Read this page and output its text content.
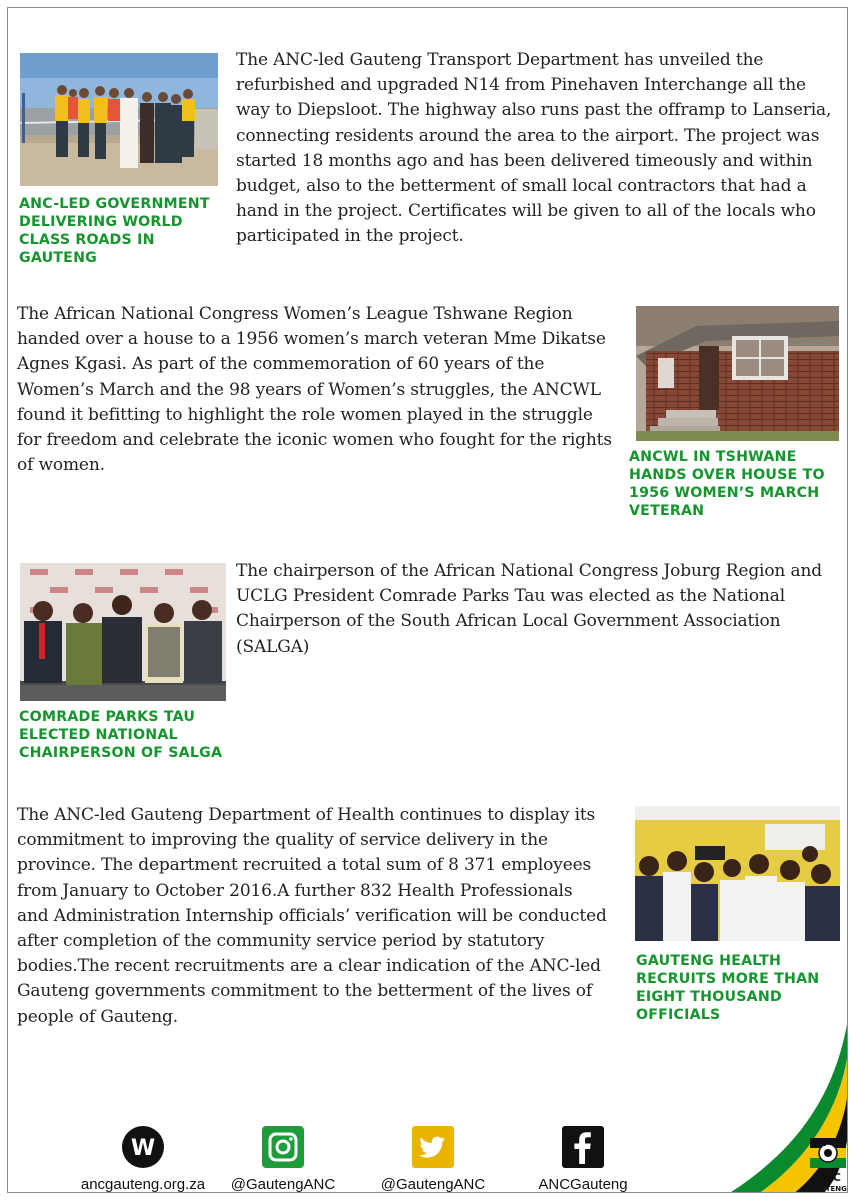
ANC-LED GOVERNMENT DELIVERING WORLD CLASS ROADS IN GAUTENG

The ANC-led Gauteng Transport Department has unveiled the refurbished and upgraded N14 from Pinehaven Interchange all the way to Diepsloot. The highway also runs past the offramp to Lanseria, connecting residents around the area to the airport. The project was started 18 months ago and has been delivered timeously and within budget, also to the betterment of small local contractors that had a hand in the project. Certificates will be given to all of the locals who participated in the project.

The African National Congress Women’s League Tshwane Region handed over a house to a 1956 women’s march veteran Mme Dikatse Agnes Kgasi. As part of the commemoration of 60 years of the Women’s March and the 98 years of Women’s struggles, the ANCWL found it befitting to highlight the role women played in the struggle for freedom and celebrate the iconic women who fought for the rights of women.	ANCWL IN TSHWANE HANDS OVER HOUSE TO 1956 WOMEN’S MARCH VETERAN

COMRADE PARKS TAU ELECTED NATIONAL CHAIRPERSON OF SALGA

The chairperson of the African National Congress Joburg Region and UCLG President Comrade Parks Tau was elected as the National Chairperson of the South African Local Government Association (SALGA)

The ANC-led Gauteng Department of Health continues to display its commitment to improving the quality of service delivery in the province. The department recruited a total sum of 8 371 employees from January to October 2016.A further 832 Health Professionals and Administration Internship officials’ verification will be conducted after completion of the community service period by statutory bodies.The recent recruitments are a clear indication of the ANC-led Gauteng governments commitment to the betterment of the lives of people of Gauteng.

GAUTENG HEALTH RECRUITS MORE THAN EIGHT THOUSAND OFFICIALS

W
ancgauteng.org.za @GautengANC	@GautengANC	ANCGauteng	ANC
GAUTENG
